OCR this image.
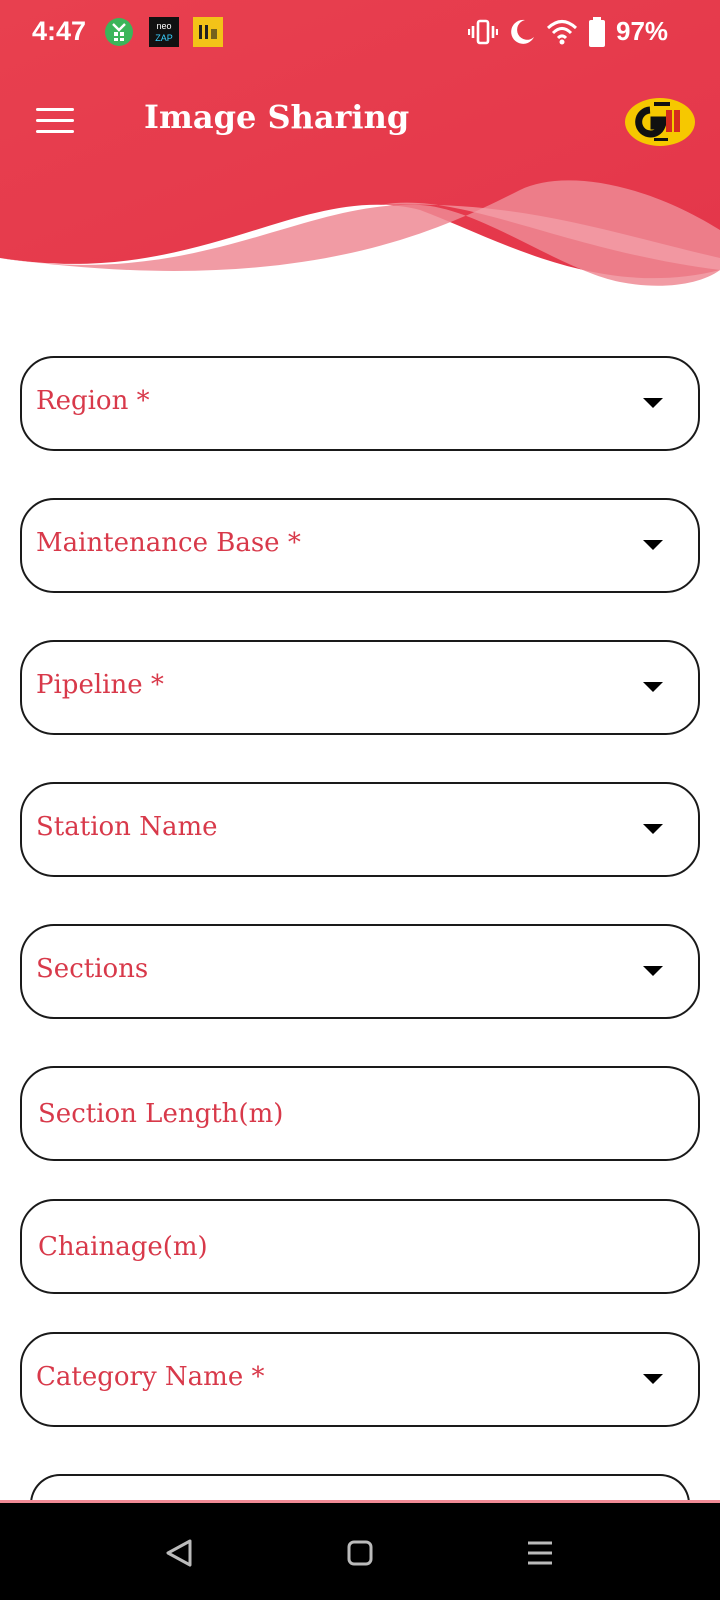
4:47	neo
ZAP	97%
Image Sharing
Region *
Maintenance Base *
Pipeline *
Station Name
Sections
Section Length(m)
Chainage(m)
Category Name *
